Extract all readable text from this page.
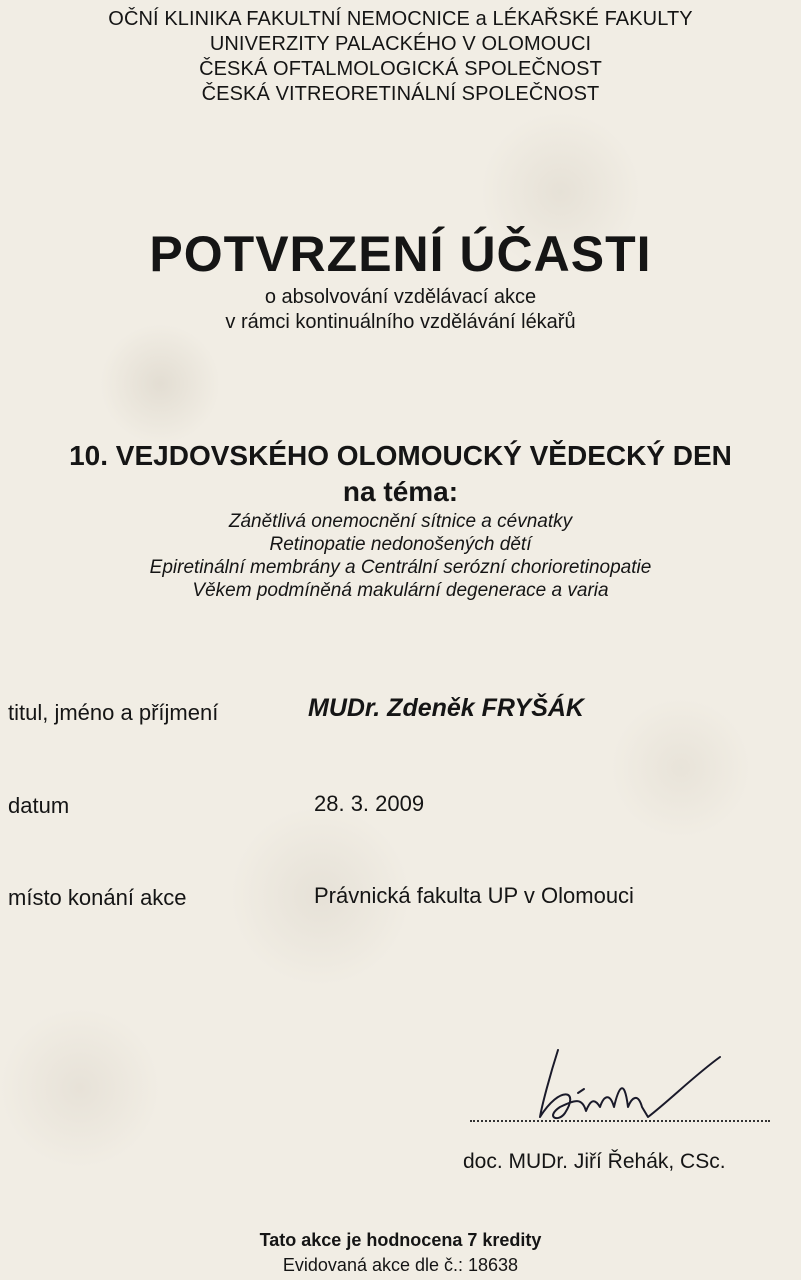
OČNÍ KLINIKA FAKULTNÍ NEMOCNICE a LÉKAŘSKÉ FAKULTY
UNIVERZITY PALACKÉHO V OLOMOUCI
ČESKÁ OFTALMOLOGICKÁ SPOLEČNOST
ČESKÁ VITREORETINÁLNÍ SPOLEČNOST
POTVRZENÍ ÚČASTI
o absolvování vzdělávací akce
v rámci kontinuálního vzdělávání lékařů
10. VEJDOVSKÉHO OLOMOUCKÝ VĚDECKÝ DEN
na téma:
Zánětlivá onemocnění sítnice a cévnatky
Retinopatie nedonošených dětí
Epiretinální membrány a Centrální serózní chorioretinopatie
Věkem podmíněná makulární degenerace a varia
titul, jméno a příjmení	MUDr. Zdeněk FRYŠÁK
datum	28. 3. 2009
místo konání akce	Právnická fakulta UP v Olomouci
doc. MUDr. Jiří Řehák, CSc.
Tato akce je hodnocena 7 kredity
Evidovaná akce dle č.: 18638
